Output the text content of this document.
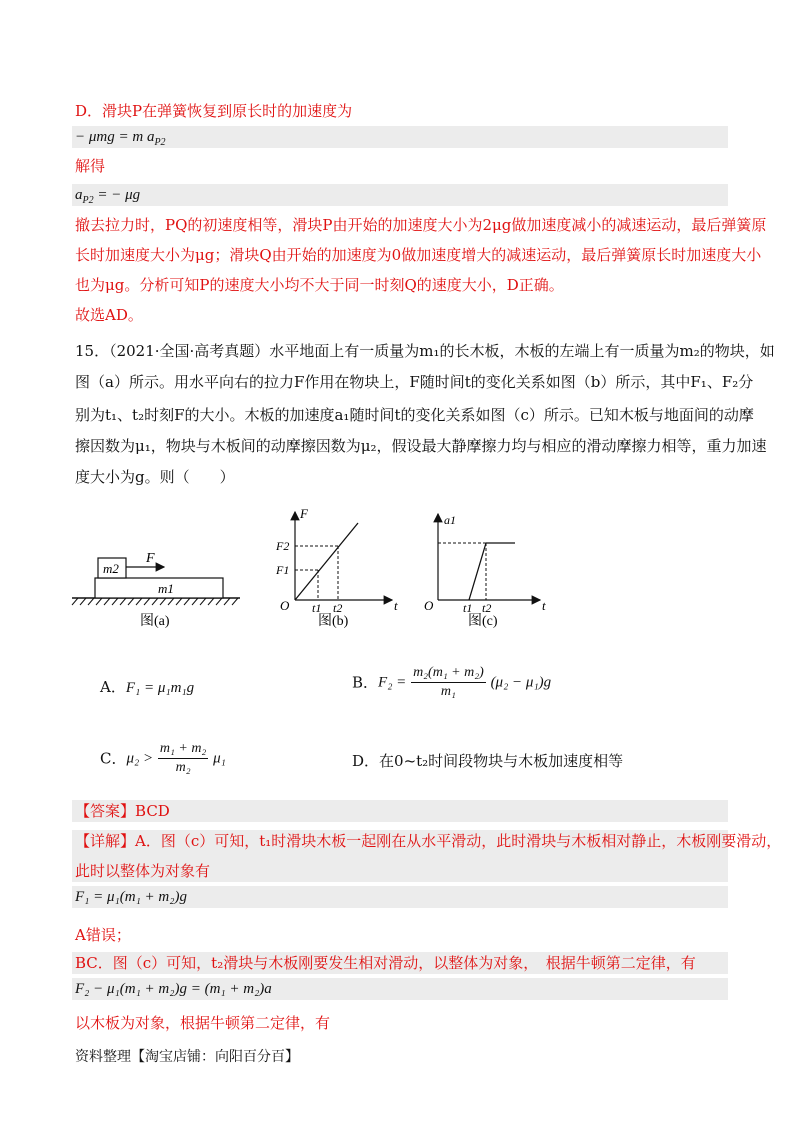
D．滑块P在弹簧恢复到原长时的加速度为
− μmg = m $a_{P2}$
解得
$a_{P2}$ = − μg
撤去拉力时，PQ的初速度相等，滑块P由开始的加速度大小为2μg做加速度减小的减速运动，最后弹簧原
长时加速度大小为μg；滑块Q由开始的加速度为0做加速度增大的减速运动，最后弹簧原长时加速度大小
也为μg。分析可知P的速度大小均不大于同一时刻Q的速度大小，D正确。
故选AD。
15．（2021·全国·高考真题）水平地面上有一质量为m₁的长木板，木板的左端上有一质量为m₂的物块，如
图（a）所示。用水平向右的拉力F作用在物块上，F随时间t的变化关系如图（b）所示，其中F₁、F₂分
别为t₁、t₂时刻F的大小。木板的加速度a₁随时间t的变化关系如图（c）所示。已知木板与地面间的动摩
擦因数为μ₁，物块与木板间的动摩擦因数为μ₂，假设最大静摩擦力均与相应的滑动摩擦力相等，重力加速
度大小为g。则（　　）
m1
m2
F
图(a)
F
F2
F1
O t1 t2	t
图(b)
a1
O t1 t2	t
图(c)
A．F₁ = μ₁m₁g	B．$F_2 = \frac{\text{m₂(m₁ + m₂)}}{\text{m₁}} (\mu_2 - \mu_1)g$
C．$\mu_2 > \frac{\text{m₁ + m₂}}{\text{m₂}} \mu_1$	D．在0~t₂时间段物块与木板加速度相等
【答案】BCD
【详解】A．图（c）可知，t₁时滑块木板一起刚在从水平滑动，此时滑块与木板相对静止，木板刚要滑动，
此时以整体为对象有
F₁ = μ₁(m₁ + m₂)g
A错误；
BC．图（c）可知，t₂滑块与木板刚要发生相对滑动，以整体为对象，　根据牛顿第二定律，有
F₂ − μ₁(m₁ + m₂)g = (m₁ + m₂)a
以木板为对象，根据牛顿第二定律，有
资料整理【淘宝店铺：向阳百分百】
